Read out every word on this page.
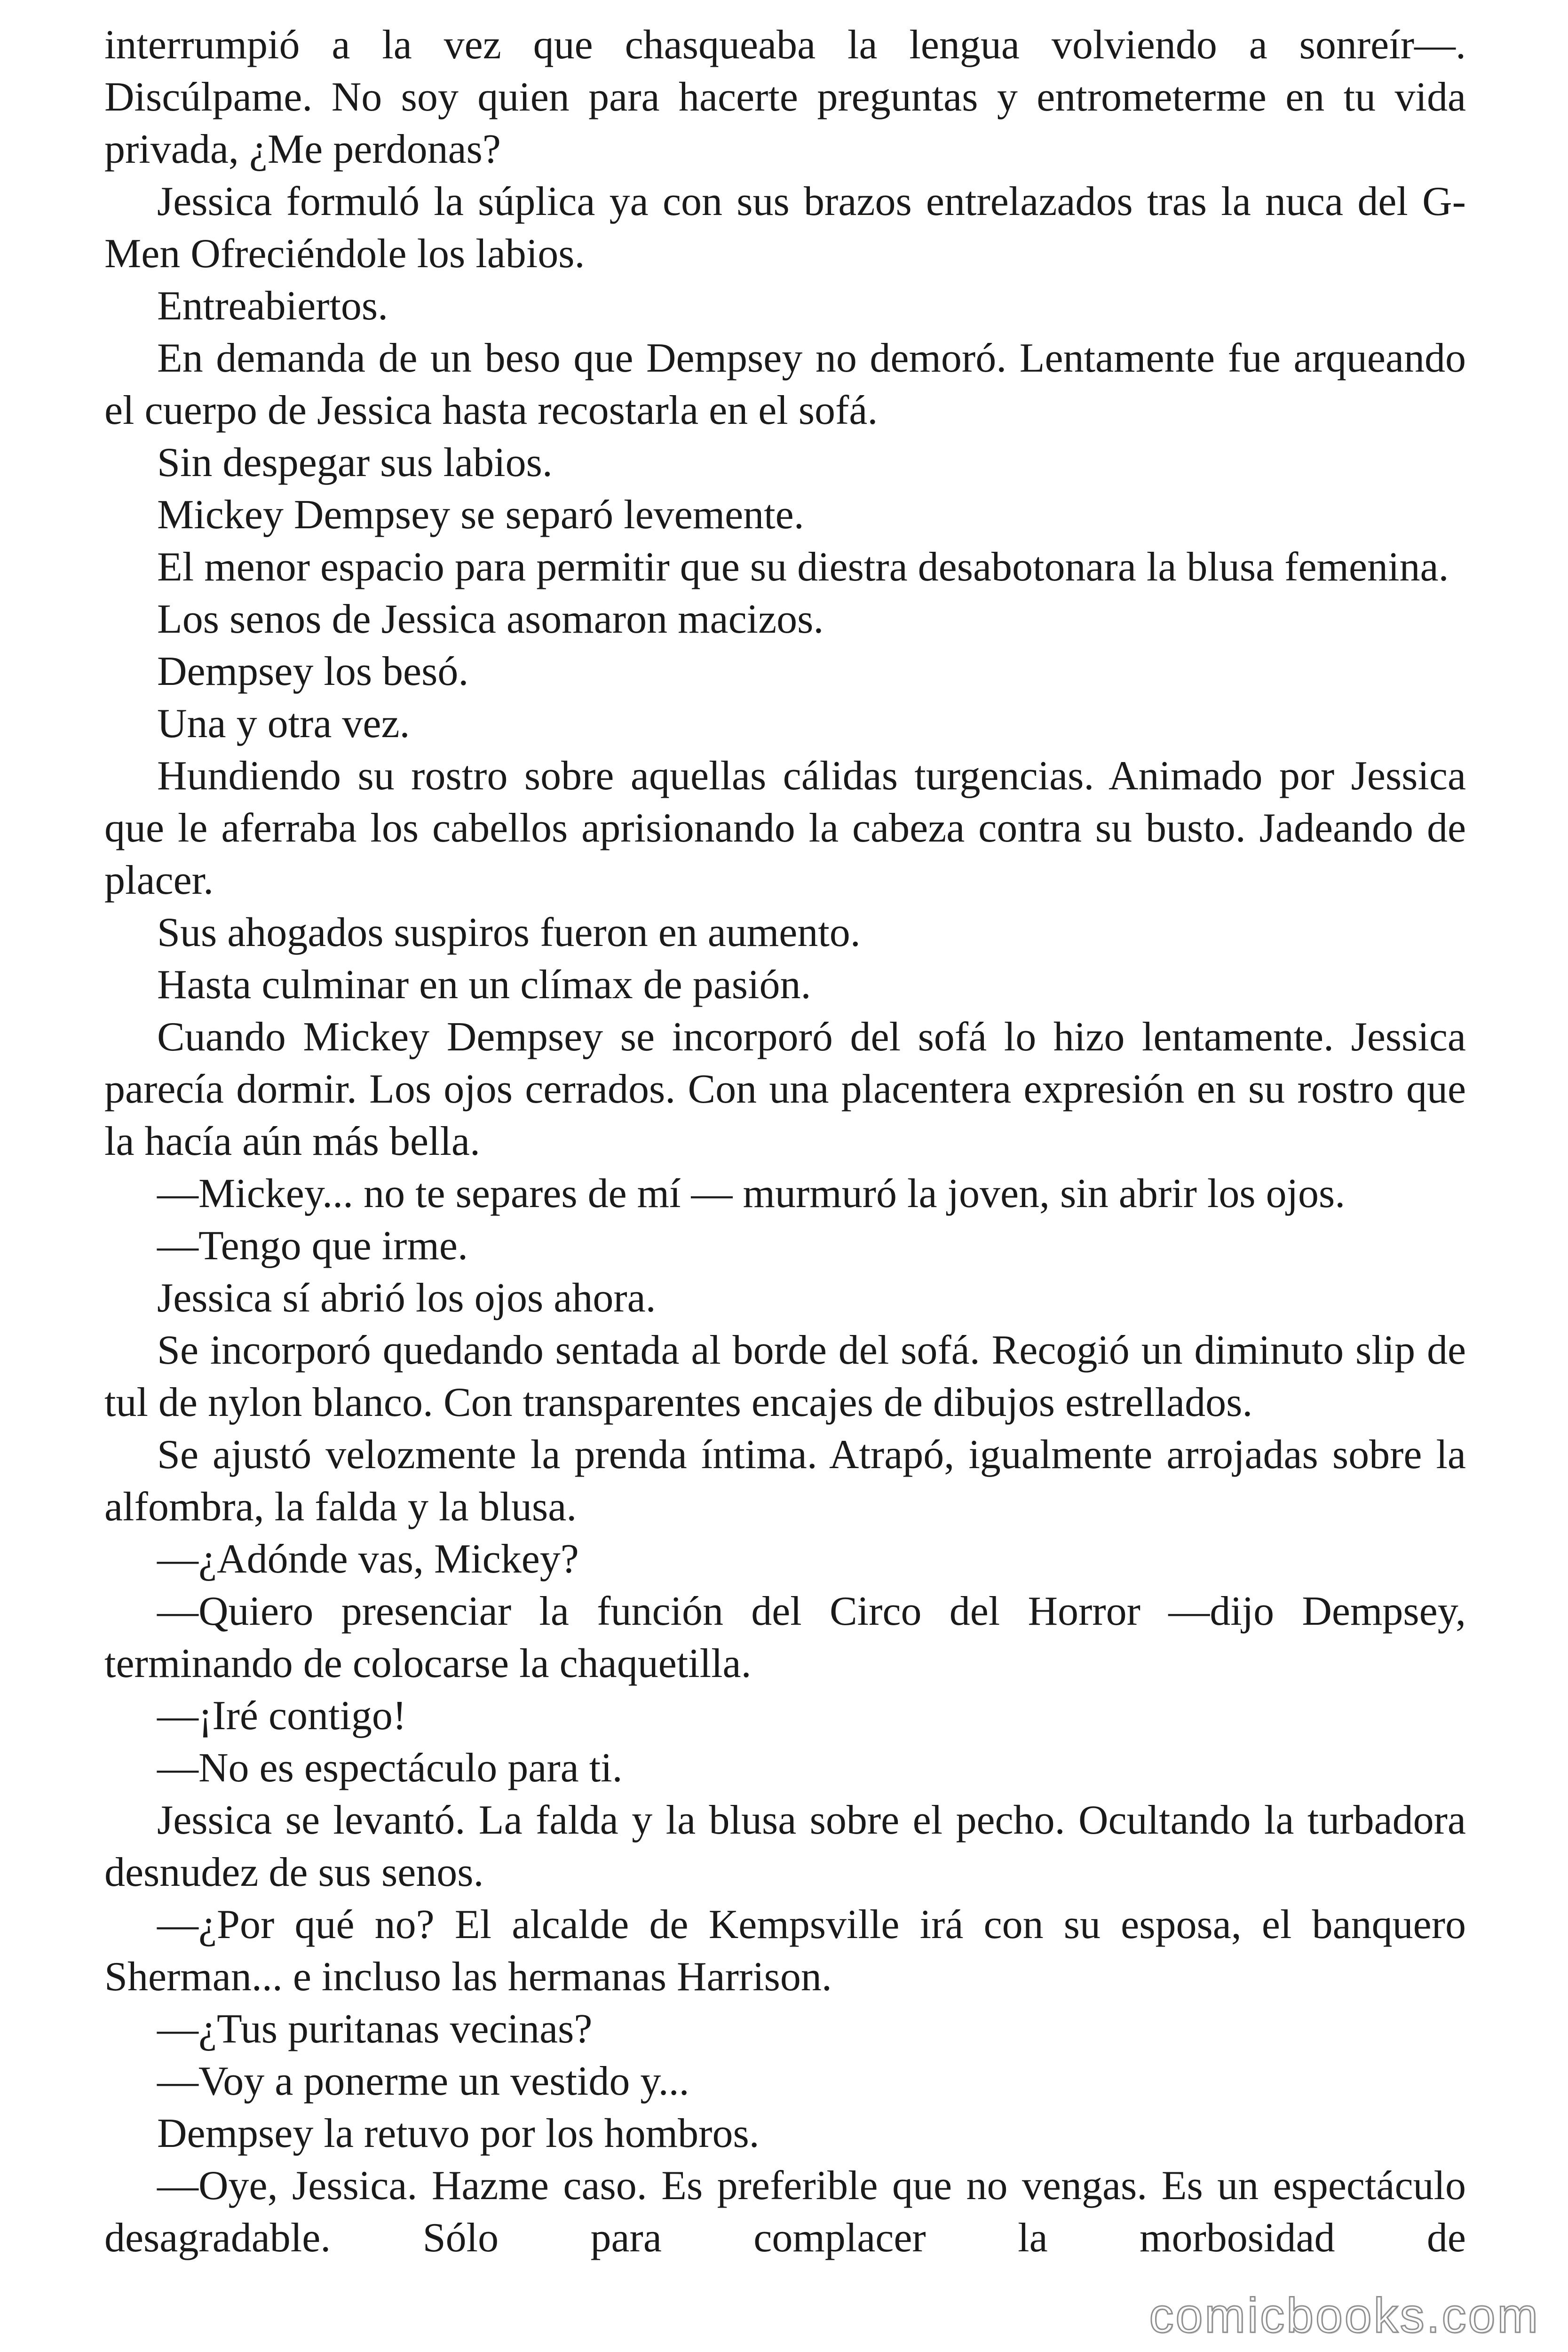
interrumpió a la vez que chasqueaba la lengua volviendo a sonreír—. Discúlpame. No soy quien para hacerte preguntas y entrometerme en tu vida privada, ¿Me perdonas?

Jessica formuló la súplica ya con sus brazos entrelazados tras la nuca del G-Men Ofreciéndole los labios.

Entreabiertos.

En demanda de un beso que Dempsey no demoró. Lentamente fue arqueando el cuerpo de Jessica hasta recostarla en el sofá.

Sin despegar sus labios.

Mickey Dempsey se separó levemente.

El menor espacio para permitir que su diestra desabotonara la blusa femenina.

Los senos de Jessica asomaron macizos.

Dempsey los besó.

Una y otra vez.

Hundiendo su rostro sobre aquellas cálidas turgencias. Animado por Jessica que le aferraba los cabellos aprisionando la cabeza contra su busto. Jadeando de placer.

Sus ahogados suspiros fueron en aumento.

Hasta culminar en un clímax de pasión.

Cuando Mickey Dempsey se incorporó del sofá lo hizo lentamente. Jessica parecía dormir. Los ojos cerrados. Con una placentera expresión en su rostro que la hacía aún más bella.

—Mickey... no te separes de mí — murmuró la joven, sin abrir los ojos.

—Tengo que irme.

Jessica sí abrió los ojos ahora.

Se incorporó quedando sentada al borde del sofá. Recogió un diminuto slip de tul de nylon blanco. Con transparentes encajes de dibujos estrellados.

Se ajustó velozmente la prenda íntima. Atrapó, igualmente arrojadas sobre la alfombra, la falda y la blusa.

—¿Adónde vas, Mickey?

—Quiero presenciar la función del Circo del Horror —dijo Dempsey, terminando de colocarse la chaquetilla.

—¡Iré contigo!

—No es espectáculo para ti.

Jessica se levantó. La falda y la blusa sobre el pecho. Ocultando la turbadora desnudez de sus senos.

—¿Por qué no? El alcalde de Kempsville irá con su esposa, el banquero Sherman... e incluso las hermanas Harrison.

—¿Tus puritanas vecinas?

—Voy a ponerme un vestido y...

Dempsey la retuvo por los hombros.

—Oye, Jessica. Hazme caso. Es preferible que no vengas. Es un espectáculo desagradable. Sólo para complacer la morbosidad de

comicbooks.com
